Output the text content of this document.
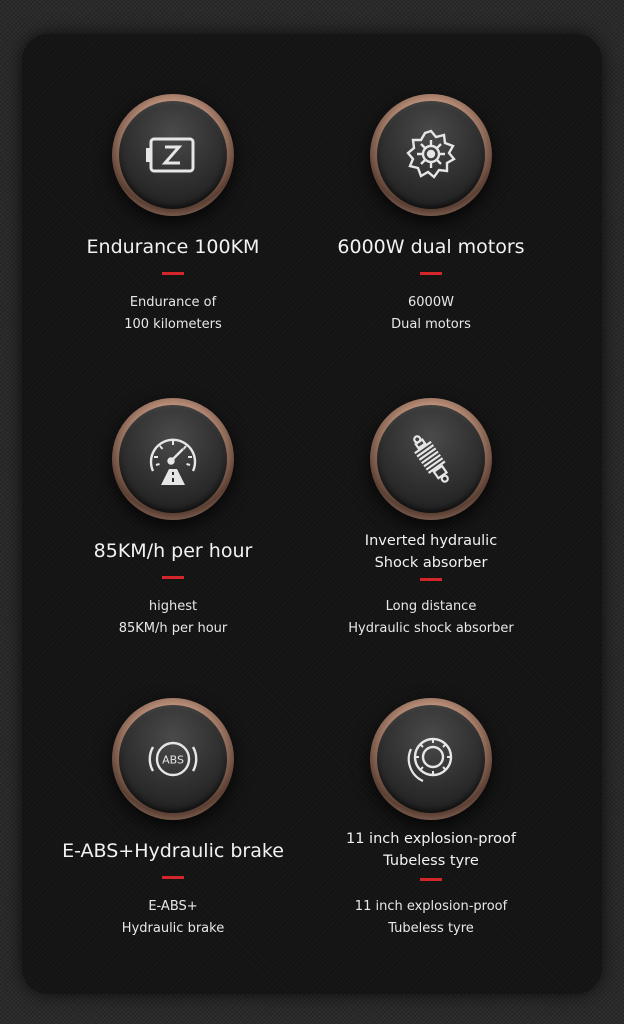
Endurance 100KM
Endurance of
100 kilometers
6000W dual motors
6000W
Dual motors
85KM/h per hour
highest
85KM/h per hour
Inverted hydraulic
Shock absorber
Long distance
Hydraulic shock absorber
ABS
E-ABS+Hydraulic brake
E-ABS+
Hydraulic brake
11 inch explosion-proof
Tubeless tyre
11 inch explosion-proof
Tubeless tyre
